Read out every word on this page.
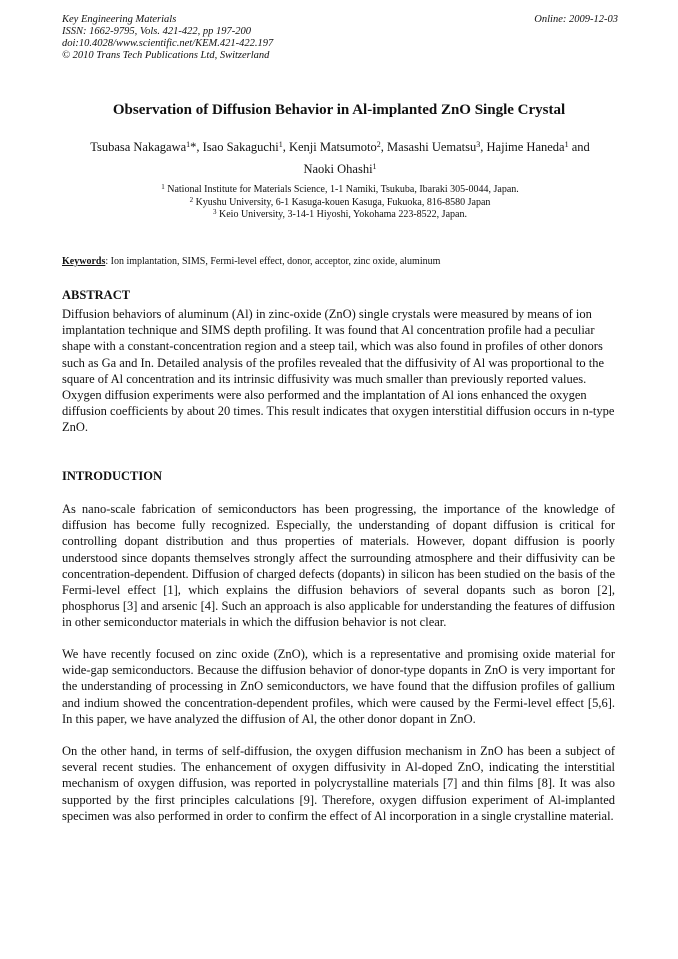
Key Engineering Materials
ISSN: 1662-9795, Vols. 421-422, pp 197-200
doi:10.4028/www.scientific.net/KEM.421-422.197
© 2010 Trans Tech Publications Ltd, Switzerland
Online: 2009-12-03
Observation of Diffusion Behavior in Al-implanted ZnO Single Crystal
Tsubasa Nakagawa$^1$*, Isao Sakaguchi$^1$, Kenji Matsumoto$^2$, Masashi Uematsu$^3$, Hajime Haneda$^1$ and
Naoki Ohashi$^1$
$^1$ National Institute for Materials Science, 1-1 Namiki, Tsukuba, Ibaraki 305-0044, Japan.
$^2$ Kyushu University, 6-1 Kasuga-kouen Kasuga, Fukuoka, 816-8580 Japan
$^3$ Keio University, 3-14-1 Hiyoshi, Yokohama 223-8522, Japan.
Keywords: Ion implantation, SIMS, Fermi-level effect, donor, acceptor, zinc oxide, aluminum
ABSTRACT

Diffusion behaviors of aluminum (Al) in zinc-oxide (ZnO) single crystals were measured by means of ion implantation technique and SIMS depth profiling. It was found that Al concentration profile had a peculiar shape with a constant-concentration region and a steep tail, which was also found in profiles of other donors such as Ga and In. Detailed analysis of the profiles revealed that the diffusivity of Al was proportional to the square of Al concentration and its intrinsic diffusivity was much smaller than previously reported values. Oxygen diffusion experiments were also performed and the implantation of Al ions enhanced the oxygen diffusion coefficients by about 20 times. This result indicates that oxygen interstitial diffusion occurs in n-type ZnO.

INTRODUCTION

As nano-scale fabrication of semiconductors has been progressing, the importance of the knowledge of diffusion has become fully recognized. Especially, the understanding of dopant diffusion is critical for controlling dopant distribution and thus properties of materials. However, dopant diffusion is poorly understood since dopants themselves strongly affect the surrounding atmosphere and their diffusivity can be concentration-dependent. Diffusion of charged defects (dopants) in silicon has been studied on the basis of the Fermi-level effect [1], which explains the diffusion behaviors of several dopants such as boron [2], phosphorus [3] and arsenic [4]. Such an approach is also applicable for understanding the features of diffusion in other semiconductor materials in which the diffusion behavior is not clear.

We have recently focused on zinc oxide (ZnO), which is a representative and promising oxide material for wide-gap semiconductors. Because the diffusion behavior of donor-type dopants in ZnO is very important for the understanding of processing in ZnO semiconductors, we have found that the diffusion profiles of gallium and indium showed the concentration-dependent profiles, which were caused by the Fermi-level effect [5,6]. In this paper, we have analyzed the diffusion of Al, the other donor dopant in ZnO.

On the other hand, in terms of self-diffusion, the oxygen diffusion mechanism in ZnO has been a subject of several recent studies. The enhancement of oxygen diffusivity in Al-doped ZnO, indicating the interstitial mechanism of oxygen diffusion, was reported in polycrystalline materials [7] and thin films [8]. It was also supported by the first principles calculations [9]. Therefore, oxygen diffusion experiment of Al-implanted specimen was also performed in order to confirm the effect of Al incorporation in a single crystalline material.
